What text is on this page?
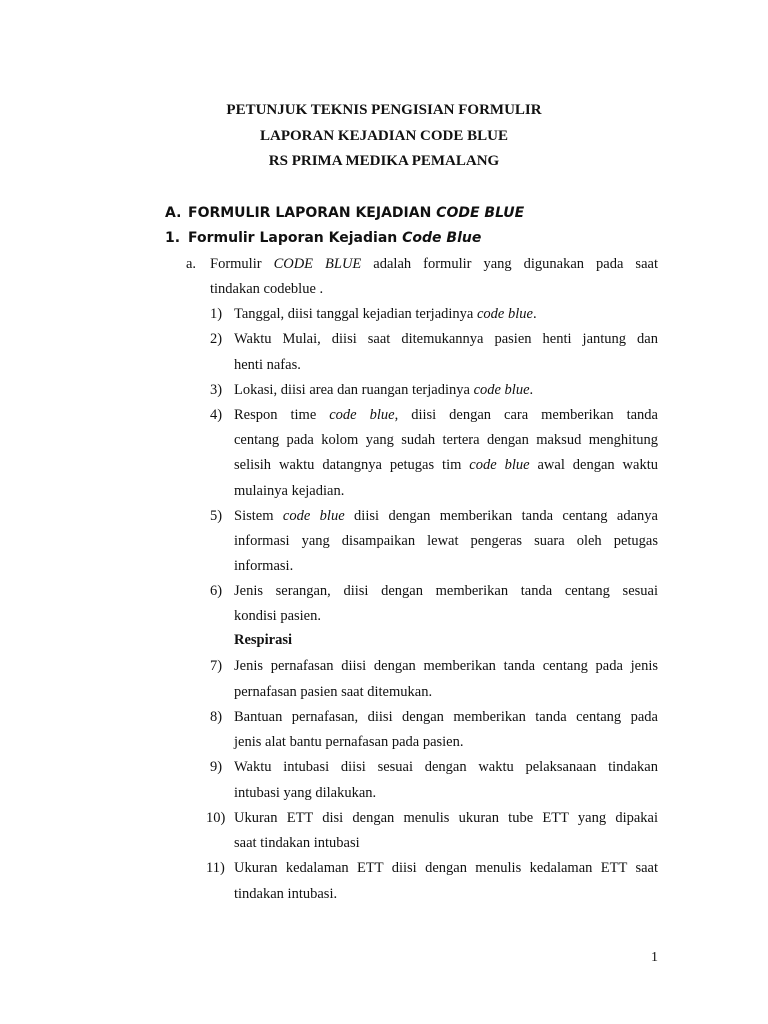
PETUNJUK TEKNIS PENGISIAN FORMULIR
LAPORAN KEJADIAN CODE BLUE
RS PRIMA MEDIKA PEMALANG
A. FORMULIR LAPORAN KEJADIAN CODE BLUE
1. Formulir Laporan Kejadian Code Blue
a. Formulir CODE BLUE adalah formulir yang digunakan pada saat
tindakan codeblue .
1) Tanggal, diisi tanggal kejadian terjadinya code blue.
2) Waktu Mulai, diisi saat ditemukannya pasien henti jantung dan
henti nafas.
3) Lokasi, diisi area dan ruangan terjadinya code blue.
4) Respon time code blue, diisi dengan cara memberikan tanda
centang pada kolom yang sudah tertera dengan maksud menghitung
selisih waktu datangnya petugas tim code blue awal dengan waktu
mulainya kejadian.
5) Sistem code blue diisi dengan memberikan tanda centang adanya
informasi yang disampaikan lewat pengeras suara oleh petugas
informasi.
6) Jenis serangan, diisi dengan memberikan tanda centang sesuai
kondisi pasien.
7) Jenis pernafasan diisi dengan memberikan tanda centang pada jenis
pernafasan pasien saat ditemukan.
8) Bantuan pernafasan, diisi dengan memberikan tanda centang pada
jenis alat bantu pernafasan pada pasien.
9) Waktu intubasi diisi sesuai dengan waktu pelaksanaan tindakan
intubasi yang dilakukan.
10) Ukuran ETT disi dengan menulis ukuran tube ETT yang dipakai
saat tindakan intubasi
11) Ukuran kedalaman ETT diisi dengan menulis kedalaman ETT saat
tindakan intubasi.
Respirasi
1
